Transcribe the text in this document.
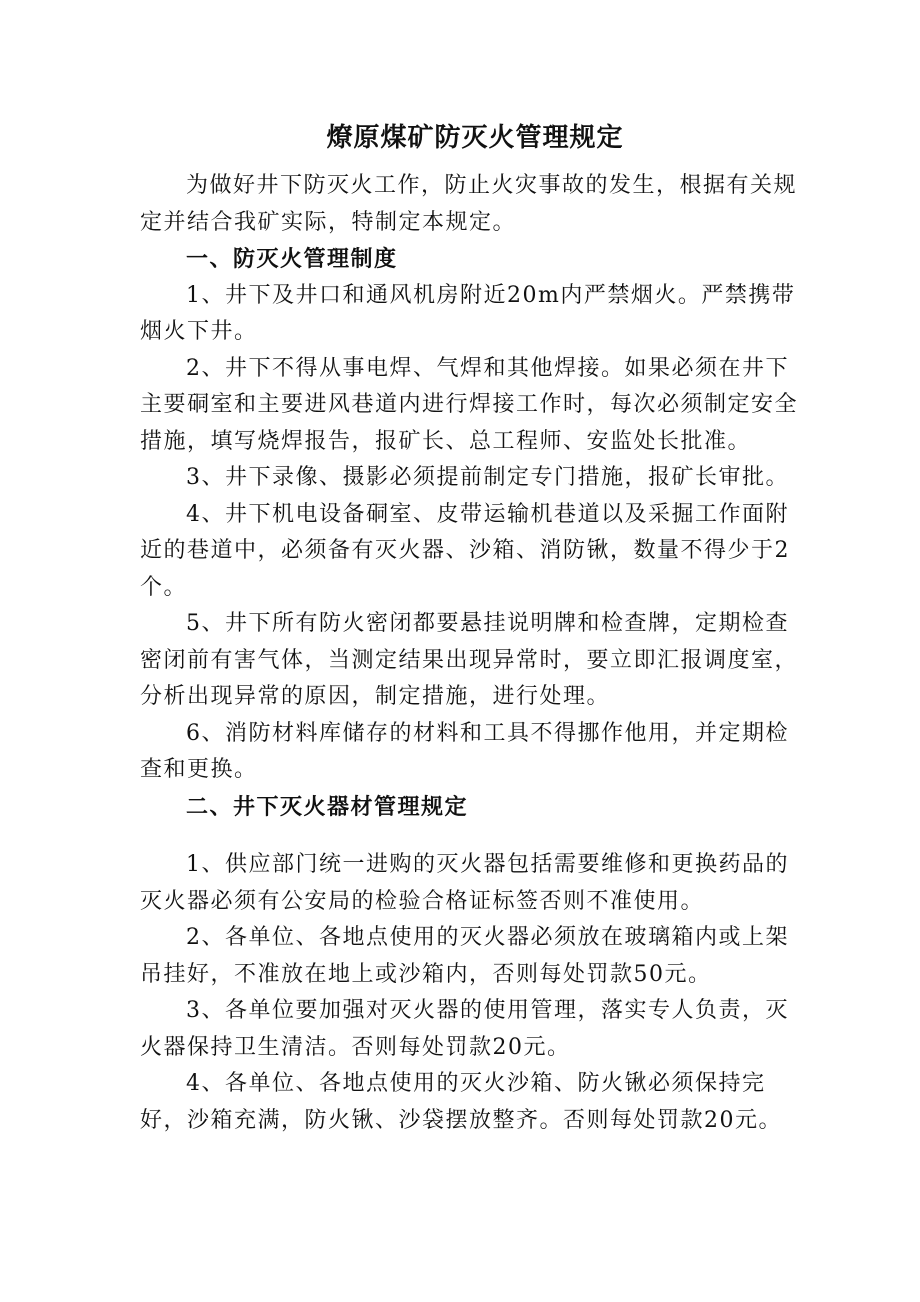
燎原煤矿防灭火管理规定

为做好井下防灭火工作，防止火灾事故的发生，根据有关规定并结合我矿实际，特制定本规定。

一、防灭火管理制度

1、井下及井口和通风机房附近20m内严禁烟火。严禁携带烟火下井。

2、井下不得从事电焊、气焊和其他焊接。如果必须在井下主要硐室和主要进风巷道内进行焊接工作时，每次必须制定安全措施，填写烧焊报告，报矿长、总工程师、安监处长批准。

3、井下录像、摄影必须提前制定专门措施，报矿长审批。

4、井下机电设备硐室、皮带运输机巷道以及采掘工作面附近的巷道中，必须备有灭火器、沙箱、消防锹，数量不得少于2个。

5、井下所有防火密闭都要悬挂说明牌和检查牌，定期检查密闭前有害气体，当测定结果出现异常时，要立即汇报调度室，分析出现异常的原因，制定措施，进行处理。

6、消防材料库储存的材料和工具不得挪作他用，并定期检查和更换。

二、井下灭火器材管理规定

1、供应部门统一进购的灭火器包括需要维修和更换药品的灭火器必须有公安局的检验合格证标签否则不准使用。

2、各单位、各地点使用的灭火器必须放在玻璃箱内或上架吊挂好，不准放在地上或沙箱内，否则每处罚款50元。

3、各单位要加强对灭火器的使用管理，落实专人负责，灭火器保持卫生清洁。否则每处罚款20元。

4、各单位、各地点使用的灭火沙箱、防火锹必须保持完好，沙箱充满，防火锹、沙袋摆放整齐。否则每处罚款20元。
